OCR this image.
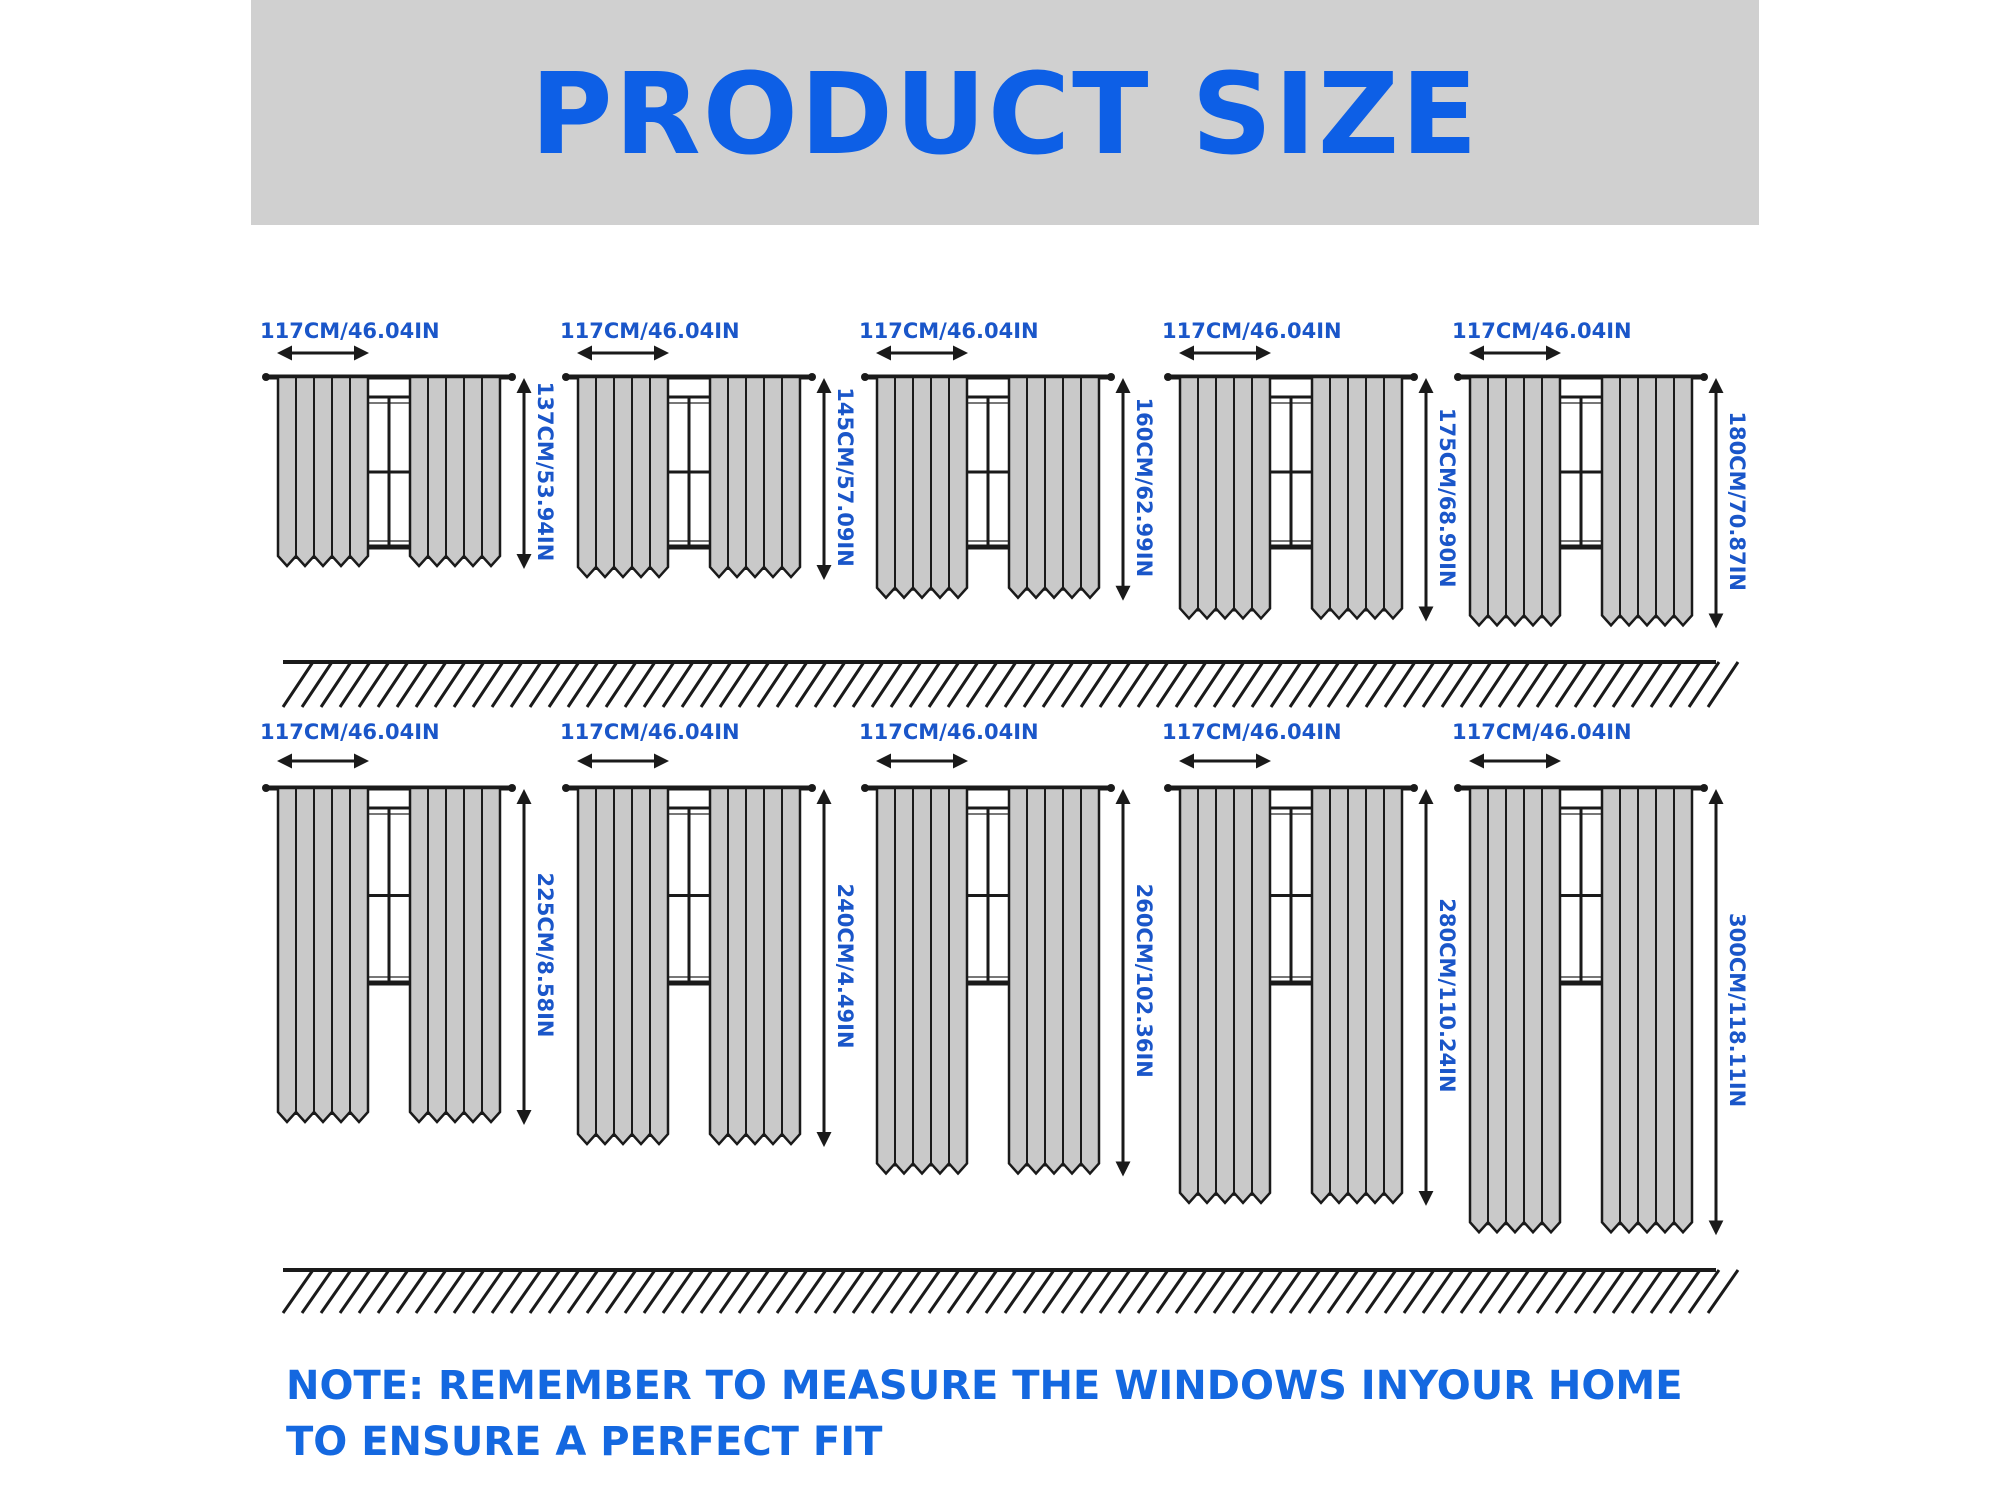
PRODUCT SIZE
117CM/46.04IN
137CM/53.94IN
117CM/46.04IN
145CM/57.09IN
117CM/46.04IN
160CM/62.99IN
117CM/46.04IN
175CM/68.90IN
117CM/46.04IN
180CM/70.87IN
117CM/46.04IN
225CM/8.58IN
117CM/46.04IN
240CM/4.49IN
117CM/46.04IN
260CM/102.36IN
117CM/46.04IN
280CM/110.24IN
117CM/46.04IN
300CM/118.11IN
NOTE: REMEMBER TO MEASURE THE WINDOWS INYOUR HOME TO ENSURE A PERFECT FIT
